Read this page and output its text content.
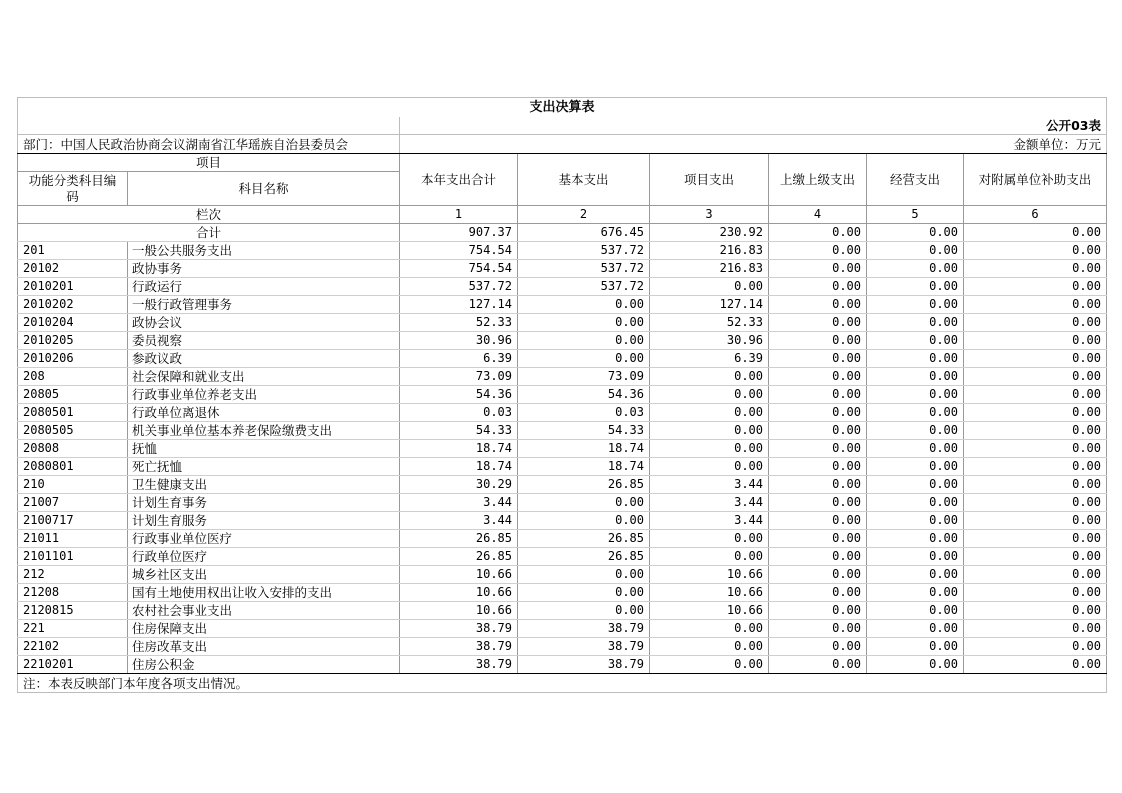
支出决算表							
		公开03表					
部门：中国人民政治协商会议湖南省江华瑶族自治县委员会		金额单位：万元					
项目		本年支出合计	基本支出	项目支出	上缴上级支出	经营支出	对附属单位补助支出
功能分类科目编码	科目名称						
栏次		1	2	3	4	5	6
合计		907.37	676.45	230.92	0.00	0.00	0.00
201	一般公共服务支出	754.54	537.72	216.83	0.00	0.00	0.00
20102	政协事务	754.54	537.72	216.83	0.00	0.00	0.00
2010201	行政运行	537.72	537.72	0.00	0.00	0.00	0.00
2010202	一般行政管理事务	127.14	0.00	127.14	0.00	0.00	0.00
2010204	政协会议	52.33	0.00	52.33	0.00	0.00	0.00
2010205	委员视察	30.96	0.00	30.96	0.00	0.00	0.00
2010206	参政议政	6.39	0.00	6.39	0.00	0.00	0.00
208	社会保障和就业支出	73.09	73.09	0.00	0.00	0.00	0.00
20805	行政事业单位养老支出	54.36	54.36	0.00	0.00	0.00	0.00
2080501	行政单位离退休	0.03	0.03	0.00	0.00	0.00	0.00
2080505	机关事业单位基本养老保险缴费支出	54.33	54.33	0.00	0.00	0.00	0.00
20808	抚恤	18.74	18.74	0.00	0.00	0.00	0.00
2080801	死亡抚恤	18.74	18.74	0.00	0.00	0.00	0.00
210	卫生健康支出	30.29	26.85	3.44	0.00	0.00	0.00
21007	计划生育事务	3.44	0.00	3.44	0.00	0.00	0.00
2100717	计划生育服务	3.44	0.00	3.44	0.00	0.00	0.00
21011	行政事业单位医疗	26.85	26.85	0.00	0.00	0.00	0.00
2101101	行政单位医疗	26.85	26.85	0.00	0.00	0.00	0.00
212	城乡社区支出	10.66	0.00	10.66	0.00	0.00	0.00
21208	国有土地使用权出让收入安排的支出	10.66	0.00	10.66	0.00	0.00	0.00
2120815	农村社会事业支出	10.66	0.00	10.66	0.00	0.00	0.00
221	住房保障支出	38.79	38.79	0.00	0.00	0.00	0.00
22102	住房改革支出	38.79	38.79	0.00	0.00	0.00	0.00
2210201	住房公积金	38.79	38.79	0.00	0.00	0.00	0.00
注：本表反映部门本年度各项支出情况。							
